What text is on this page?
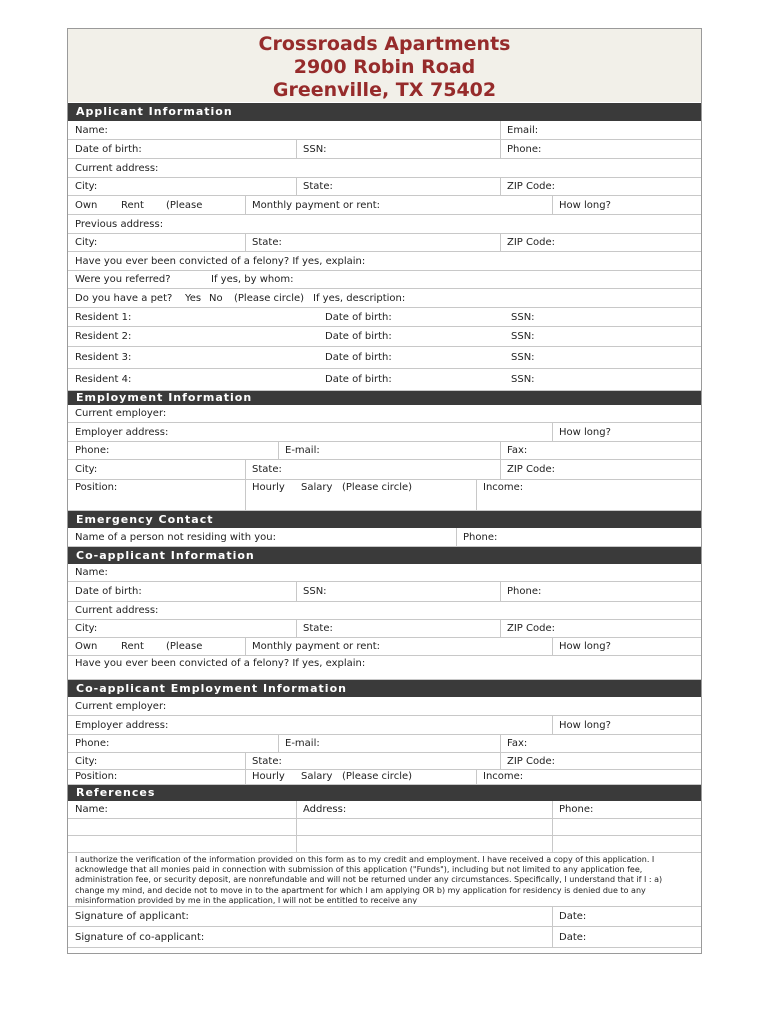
Crossroads Apartments
2900 Robin Road
Greenville, TX 75402
Applicant Information
Name:	Email:
Date of birth:	SSN:	Phone:
Current address:
City:	State:	ZIP Code:
Own Rent (Please	Monthly payment or rent:	How long?
Previous address:
City:	State:	ZIP Code:
Have you ever been convicted of a felony? If yes, explain:
Were you referred?	If yes, by whom:
Do you have a pet? Yes No (Please circle) If yes, description:
Resident 1:	Date of birth:	SSN:
Resident 2:	Date of birth:	SSN:
Resident 3:	Date of birth:	SSN:
Resident 4:	Date of birth:	SSN:
Employment Information
Current employer:
Employer address:	How long?
Phone:	E-mail:	Fax:
City:	State:	ZIP Code:
Position:	Hourly Salary (Please circle)	Income:
Emergency Contact
Name of a person not residing with you:	Phone:
Co-applicant Information
Name:
Date of birth:	SSN:	Phone:
Current address:
City:	State:	ZIP Code:
Own Rent (Please	Monthly payment or rent:	How long?
Have you ever been convicted of a felony? If yes, explain:
Co-applicant Employment Information
Current employer:
Employer address:	How long?
Phone:	E-mail:	Fax:
City:	State:	ZIP Code:
Position:	Hourly Salary (Please circle)	Income:
References
Name:	Address:	Phone:
Signature of applicant:	Date:
Signature of co-applicant:	Date:
I authorize the verification of the information provided on this form as to my credit and employment. I have received a copy of this application. I acknowledge that all monies paid in connection with submission of this application ("Funds"), including but not limited to any application fee, administration fee, or security deposit, are nonrefundable and will not be returned under any circumstances. Specifically, I understand that if I : a) change my mind, and decide not to move in to the apartment for which I am applying OR b) my application for residency is denied due to any misinformation provided by me in the application, I will not be entitled to receive any
